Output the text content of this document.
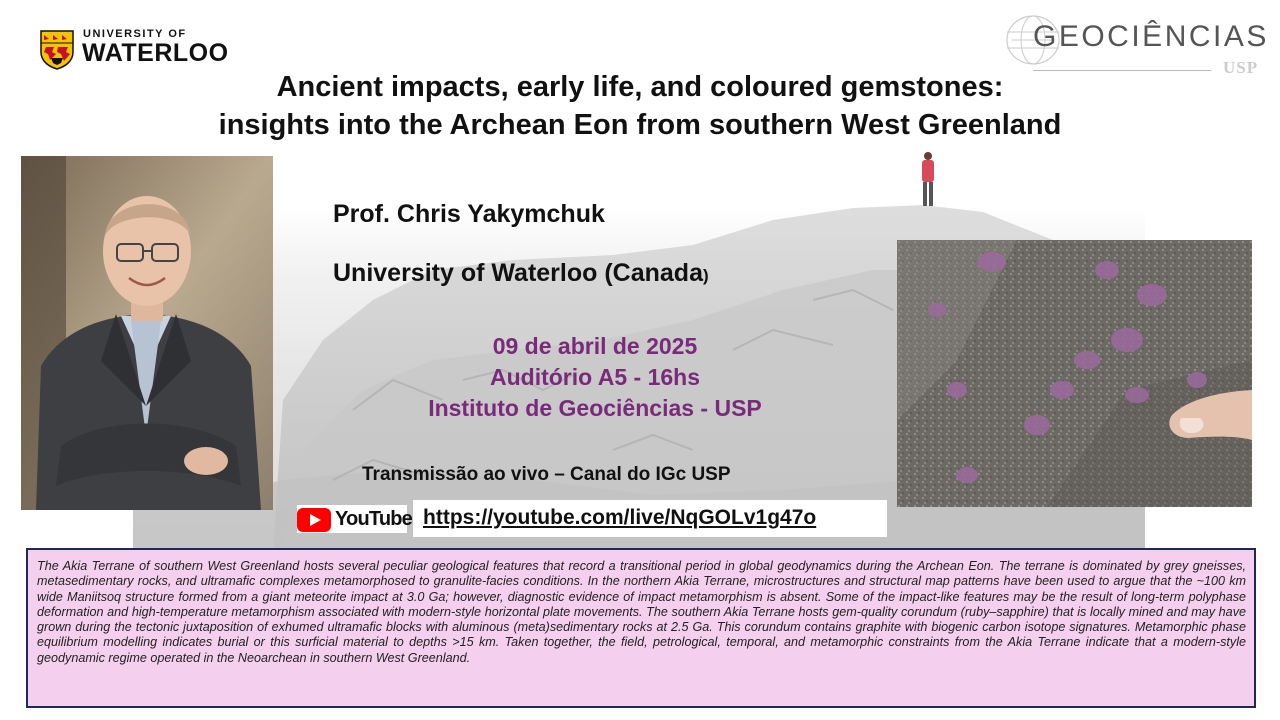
UNIVERSITY OF
WATERLOO	GEOCIÊNCIAS
USP
Ancient impacts, early life, and coloured gemstones:
insights into the Archean Eon from southern West Greenland
Prof. Chris Yakymchuk
University of Waterloo (Canada)
09 de abril de 2025
Auditório A5 - 16hs
Instituto de Geociências - USP
Transmissão ao vivo – Canal do IGc USP
YouTube https://youtube.com/live/NqGOLv1g47o

The Akia Terrane of southern West Greenland hosts several peculiar geological features that record a transitional period in global geodynamics during the Archean Eon. The terrane is dominated by grey gneisses, metasedimentary rocks, and ultramafic complexes metamorphosed to granulite-facies conditions. In the northern Akia Terrane, microstructures and structural map patterns have been used to argue that the ~100 km wide Maniitsoq structure formed from a giant meteorite impact at 3.0 Ga; however, diagnostic evidence of impact metamorphism is absent. Some of the impact-like features may be the result of long-term polyphase deformation and high-temperature metamorphism associated with modern-style horizontal plate movements. The southern Akia Terrane hosts gem-quality corundum (ruby–sapphire) that is locally mined and may have grown during the tectonic juxtaposition of exhumed ultramafic blocks with aluminous (meta)sedimentary rocks at 2.5 Ga. This corundum contains graphite with biogenic carbon isotope signatures. Metamorphic phase equilibrium modelling indicates burial or this surficial material to depths >15 km. Taken together, the field, petrological, temporal, and metamorphic constraints from the Akia Terrane indicate that a modern-style geodynamic regime operated in the Neoarchean in southern West Greenland.
